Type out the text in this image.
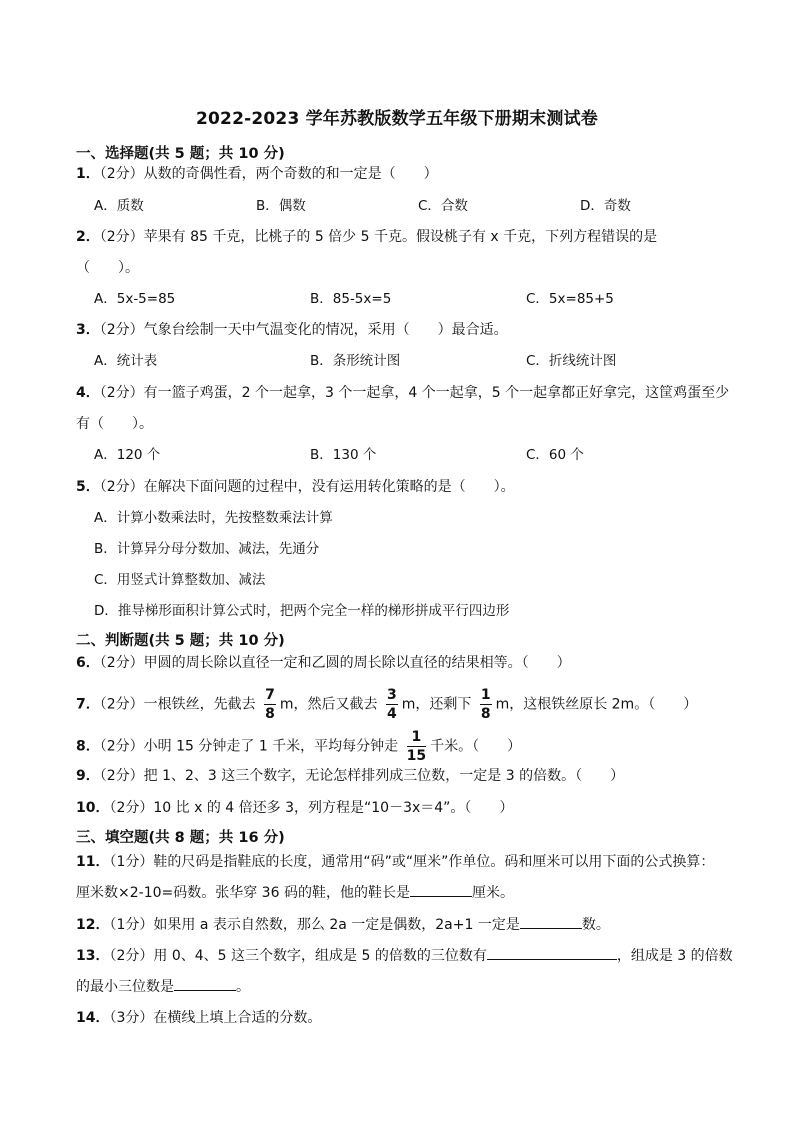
2022-2023 学年苏教版数学五年级下册期末测试卷
一、选择题(共 5 题；共 10 分)
1．（2分）从数的奇偶性看，两个奇数的和一定是（　　）
A．质数	B．偶数	C．合数	D．奇数
2．（2分）苹果有 85 千克，比桃子的 5 倍少 5 千克。假设桃子有 x 千克，下列方程错误的是
（　　）。
A．5x-5=85	B．85-5x=5	C．5x=85+5
3．（2分）气象台绘制一天中气温变化的情况，采用（　　）最合适。
A．统计表	B．条形统计图	C．折线统计图
4．（2分）有一篮子鸡蛋，2 个一起拿，3 个一起拿，4 个一起拿，5 个一起拿都正好拿完，这筐鸡蛋至少
有（　　）。
A．120 个	B．130 个	C．60 个
5．（2分）在解决下面问题的过程中，没有运用转化策略的是（　　）。
A．计算小数乘法时，先按整数乘法计算
B．计算异分母分数加、减法，先通分
C．用竖式计算整数加、减法
D．推导梯形面积计算公式时，把两个完全一样的梯形拼成平行四边形
二、判断题(共 5 题；共 10 分)
6．（2分）甲圆的周长除以直径一定和乙圆的周长除以直径的结果相等。（　　）
7．（2分）一根铁丝，先截去 $\frac{7}{8}$ m，然后又截去 $\frac{3}{4}$ m，还剩下 $\frac{1}{8}$ m，这根铁丝原长 2m。（　　）
8．（2分）小明 15 分钟走了 1 千米，平均每分钟走 $\frac{1}{15}$ 千米。（　　）
9．（2分）把 1、2、3 这三个数字，无论怎样排列成三位数，一定是 3 的倍数。（　　）
10．（2分）10 比 x 的 4 倍还多 3，列方程是“10－3x＝4”。（　　）
三、填空题(共 8 题；共 16 分)
11．（1分）鞋的尺码是指鞋底的长度，通常用“码”或“厘米”作单位。码和厘米可以用下面的公式换算：
厘米数×2-10=码数。张华穿 36 码的鞋，他的鞋长是	厘米。
12．（1分）如果用 a 表示自然数，那么 2a 一定是偶数，2a+1 一定是	数。
13．（2分）用 0、4、5 这三个数字，组成是 5 的倍数的三位数有	，组成是 3 的倍数
的最小三位数是	。
14．（3分）在横线上填上合适的分数。
